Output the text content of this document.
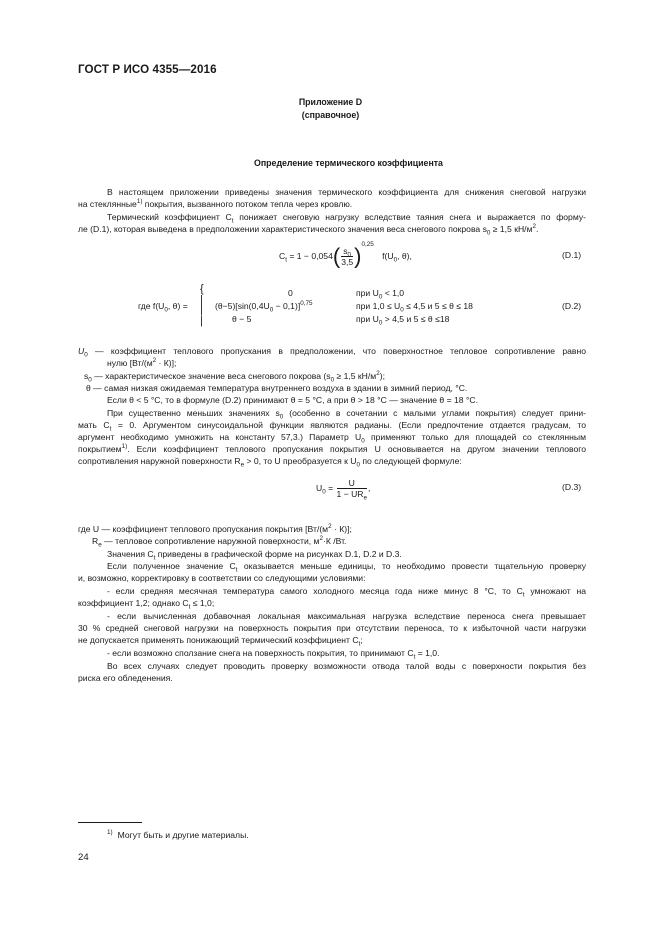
ГОСТ Р ИСО 4355—2016
Приложение D
(справочное)
Определение термического коэффициента
В настоящем приложении приведены значения термического коэффициента для снижения снеговой нагрузки
на стеклянные$^{1)}$ покрытия, вызванного потоком тепла через кровлю.
Термический коэффициент $C_t$ понижает снеговую нагрузку вследствие таяния снега и выражается по форму-
ле (D.1), которая выведена в предположении характеристического значения веса снегового покрова $s_0 \ge 1,5$ $кН/м^2$.
$C_t = 1 - 0,054( \frac{s_0}{3,5} )^{0,25}$ $f(U_0$, θ),	(D.1)
где $f(U_0$, θ) =
{
|
|
|
0	при $U_0 < 1,0$
$(\theta-5)[\sin(0,4U_0 - 0,1)]^{0,75}$	при $1,0 \le U_0 \le 4,5$ и 5 ≤ θ ≤ 18
θ − 5	при $U_0 > 4,5$ и 5 ≤ θ ≤18
(D.2)
$U_0$ — коэффициент теплового пропускания в предположении, что поверхностное тепловое сопротивление равно
нулю $[Вт/(м^2 \cdot К)]$;
$s_0$ — характеристическое значение веса снегового покрова ($s_0 \ge 1,5$ $кН/м^2$);
θ — самая низкая ожидаемая температура внутреннего воздуха в здании в зимний период, °С.
Если θ < 5 °С, то в формуле (D.2) принимают θ = 5 °С, а при θ > 18 °С — значение θ = 18 °С.
При существенно меньших значениях $s_0$ (особенно в сочетании с малыми углами покрытия) следует прини-
мать $C_t = 0$. Аргументом синусоидальной функции являются радианы. (Если предпочтение отдается градусам, то
аргумент необходимо умножить на константу 57,3.) Параметр $U_0$ применяют только для площадей со стеклянным
покрытием$^{1)}$. Если коэффициент теплового пропускания покрытия U основывается на другом значении теплового
сопротивления наружной поверхности $R_e > 0$, то U преобразуется к $U_0$ по следующей формуле:
$U_0 = \frac{U}{1 - UR_e}$ ,	(D.3)
где U — коэффициент теплового пропускания покрытия $[Вт/(м^2 \cdot К)]$;
$R_e$ — тепловое сопротивление наружной поверхности, $м^2\cdot К$ /Вт.
Значения $C_t$ приведены в графической форме на рисунках D.1, D.2 и D.3.
Если полученное значение $C_t$ оказывается меньше единицы, то необходимо провести тщательную проверку
и, возможно, корректировку в соответствии со следующими условиями:
- если средняя месячная температура самого холодного месяца года ниже минус 8 °С, то $C_t$ умножают на
коэффициент 1,2; однако $C_t \le 1,0$;
- если вычисленная добавочная локальная максимальная нагрузка вследствие переноса снега превышает
30 % средней снеговой нагрузки на поверхность покрытия при отсутствии переноса, то к избыточной части нагрузки
не допускается применять понижающий термический коэффициент $C_t$;
- если возможно сползание снега на поверхность покрытия, то принимают $C_t = 1,0$.
Во всех случаях следует проводить проверку возможности отвода талой воды с поверхности покрытия без
риска его обледенения.
$^{1)}$ Могут быть и другие материалы.
24
